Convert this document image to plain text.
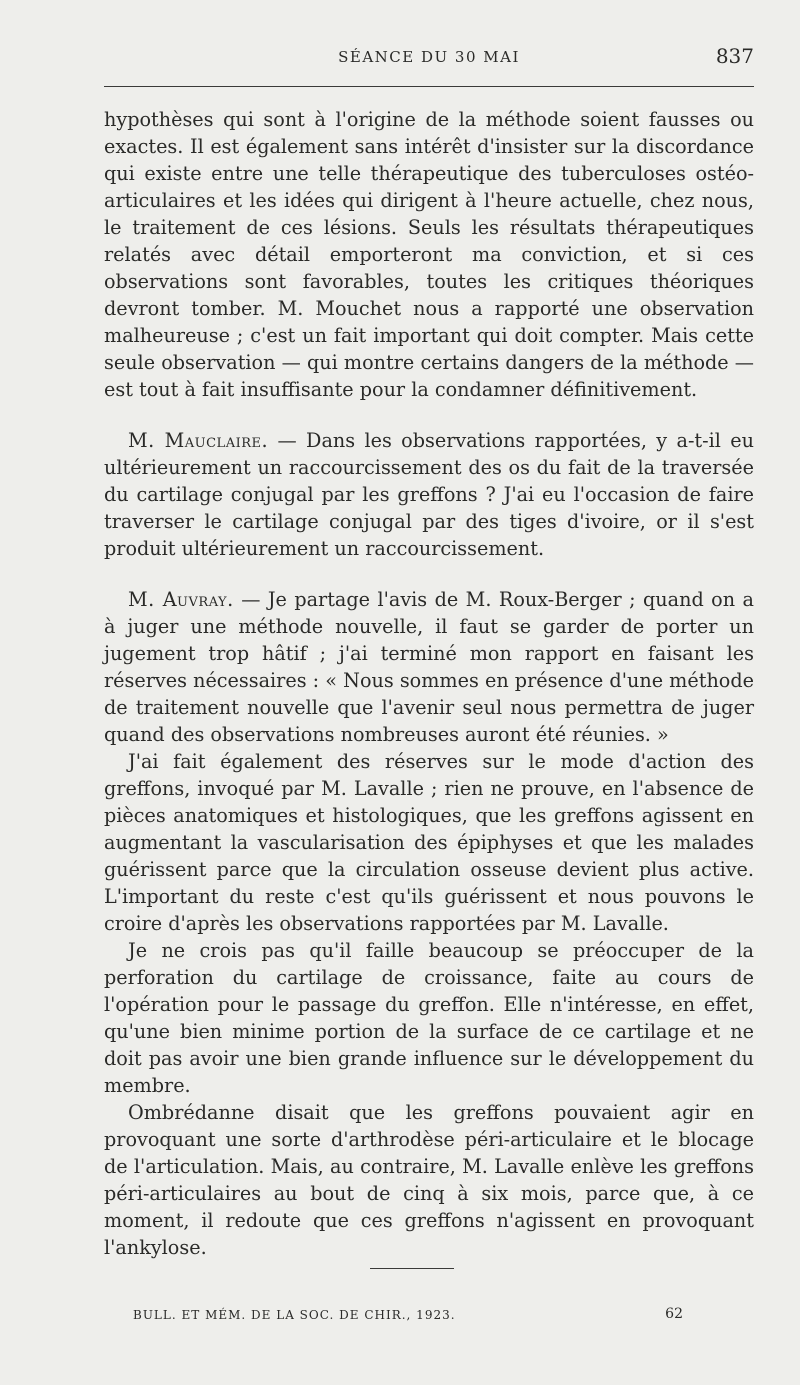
SÉANCE DU 30 MAI	837

hypothèses qui sont à l'origine de la méthode soient fausses ou exactes. Il est également sans intérêt d'insister sur la discordance qui existe entre une telle thérapeutique des tuberculoses ostéo-articulaires et les idées qui dirigent à l'heure actuelle, chez nous, le traitement de ces lésions. Seuls les résultats thérapeutiques relatés avec détail emporteront ma conviction, et si ces observations sont favorables, toutes les critiques théoriques devront tomber. M. Mouchet nous a rapporté une observation malheureuse ; c'est un fait important qui doit compter. Mais cette seule observation — qui montre certains dangers de la méthode — est tout à fait insuffisante pour la condamner définitivement.

M. Mauclaire. — Dans les observations rapportées, y a-t-il eu ultérieurement un raccourcissement des os du fait de la traversée du cartilage conjugal par les greffons ? J'ai eu l'occasion de faire traverser le cartilage conjugal par des tiges d'ivoire, or il s'est produit ultérieurement un raccourcissement.

M. Auvray. — Je partage l'avis de M. Roux-Berger ; quand on a à juger une méthode nouvelle, il faut se garder de porter un jugement trop hâtif ; j'ai terminé mon rapport en faisant les réserves nécessaires : « Nous sommes en présence d'une méthode de traitement nouvelle que l'avenir seul nous permettra de juger quand des observations nombreuses auront été réunies. »

J'ai fait également des réserves sur le mode d'action des greffons, invoqué par M. Lavalle ; rien ne prouve, en l'absence de pièces anatomiques et histologiques, que les greffons agissent en augmentant la vascularisation des épiphyses et que les malades guérissent parce que la circulation osseuse devient plus active. L'important du reste c'est qu'ils guérissent et nous pouvons le croire d'après les observations rapportées par M. Lavalle.

Je ne crois pas qu'il faille beaucoup se préoccuper de la perforation du cartilage de croissance, faite au cours de l'opération pour le passage du greffon. Elle n'intéresse, en effet, qu'une bien minime portion de la surface de ce cartilage et ne doit pas avoir une bien grande influence sur le développement du membre.

Ombrédanne disait que les greffons pouvaient agir en provoquant une sorte d'arthrodèse péri-articulaire et le blocage de l'articulation. Mais, au contraire, M. Lavalle enlève les greffons péri-articulaires au bout de cinq à six mois, parce que, à ce moment, il redoute que ces greffons n'agissent en provoquant l'ankylose.

BULL. ET MÉM. DE LA SOC. DE CHIR., 1923.	62
